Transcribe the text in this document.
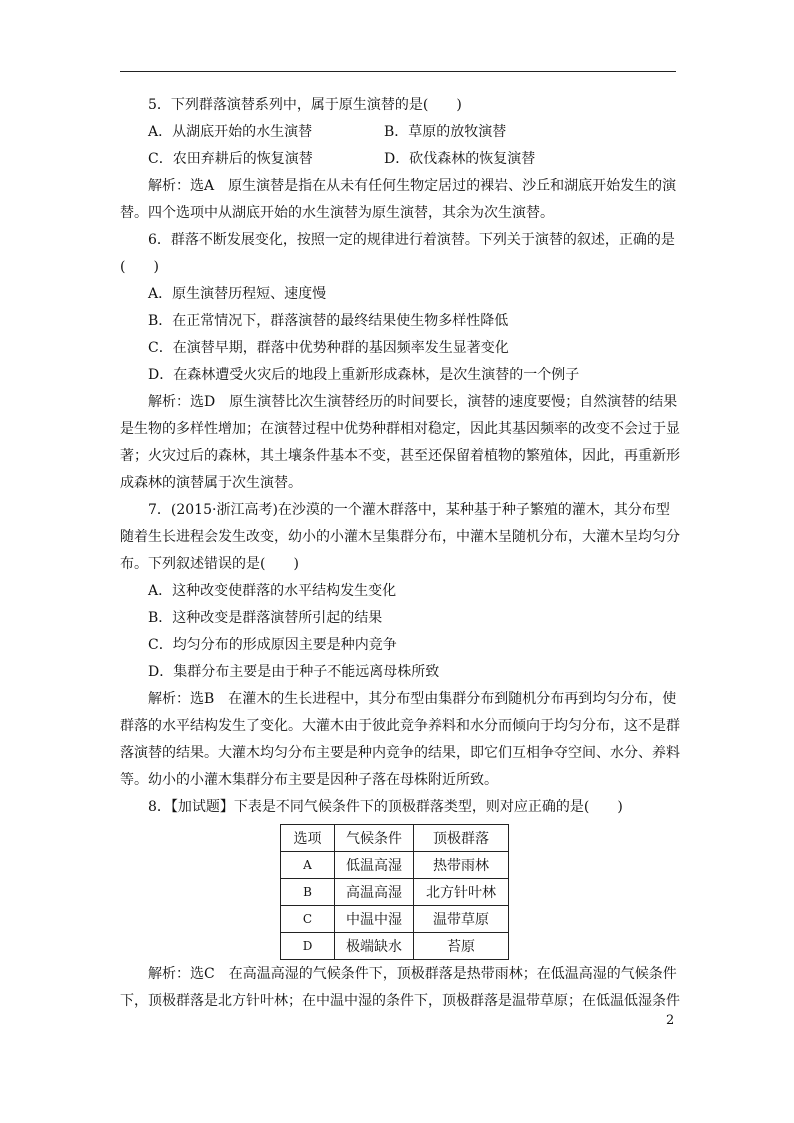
5．下列群落演替系列中，属于原生演替的是(　　)
A．从湖底开始的水生演替	B．草原的放牧演替
C．农田弃耕后的恢复演替	D．砍伐森林的恢复演替
解析：选A　原生演替是指在从未有任何生物定居过的裸岩、沙丘和湖底开始发生的演
替。四个选项中从湖底开始的水生演替为原生演替，其余为次生演替。
6．群落不断发展变化，按照一定的规律进行着演替。下列关于演替的叙述，正确的是
(　　)
A．原生演替历程短、速度慢
B．在正常情况下，群落演替的最终结果使生物多样性降低
C．在演替早期，群落中优势种群的基因频率发生显著变化
D．在森林遭受火灾后的地段上重新形成森林，是次生演替的一个例子
解析：选D　原生演替比次生演替经历的时间要长，演替的速度要慢；自然演替的结果
是生物的多样性增加；在演替过程中优势种群相对稳定，因此其基因频率的改变不会过于显
著；火灾过后的森林，其土壤条件基本不变，甚至还保留着植物的繁殖体，因此，再重新形
成森林的演替属于次生演替。
7．(2015·浙江高考)在沙漠的一个灌木群落中，某种基于种子繁殖的灌木，其分布型
随着生长进程会发生改变，幼小的小灌木呈集群分布，中灌木呈随机分布，大灌木呈均匀分
布。下列叙述错误的是(　　)
A．这种改变使群落的水平结构发生变化
B．这种改变是群落演替所引起的结果
C．均匀分布的形成原因主要是种内竞争
D．集群分布主要是由于种子不能远离母株所致
解析：选B　在灌木的生长进程中，其分布型由集群分布到随机分布再到均匀分布，使
群落的水平结构发生了变化。大灌木由于彼此竞争养料和水分而倾向于均匀分布，这不是群
落演替的结果。大灌木均匀分布主要是种内竞争的结果，即它们互相争夺空间、水分、养料
等。幼小的小灌木集群分布主要是因种子落在母株附近所致。
8．【加试题】下表是不同气候条件下的顶极群落类型，则对应正确的是(　　)
选项	气候条件	顶极群落
A	低温高湿	热带雨林
B	高温高湿	北方针叶林
C	中温中湿	温带草原
D	极端缺水	苔原
解析：选C　在高温高湿的气候条件下，顶极群落是热带雨林；在低温高湿的气候条件
下，顶极群落是北方针叶林；在中温中湿的条件下，顶极群落是温带草原；在低温低湿条件
2
